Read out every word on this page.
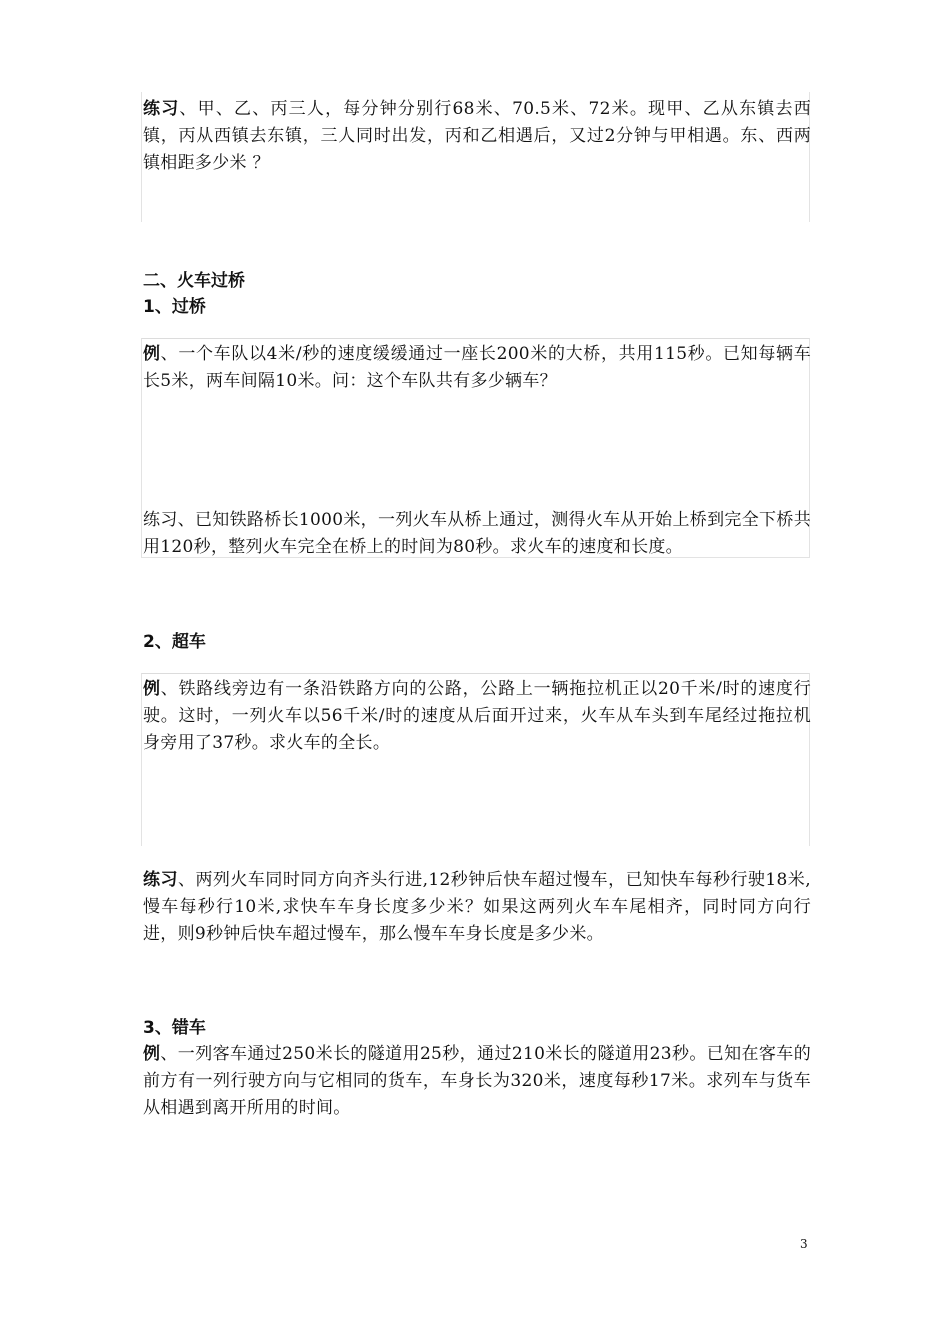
练习、甲、乙、丙三人，每分钟分别行68米、70.5米、72米。现甲、乙从东镇去西镇，丙从西镇去东镇，三人同时出发，丙和乙相遇后，又过2分钟与甲相遇。东、西两镇相距多少米 ？
二、火车过桥
1、过桥
例、一个车队以4米/秒的速度缓缓通过一座长200米的大桥，共用115秒。已知每辆车长5米，两车间隔10米。问：这个车队共有多少辆车？
练习、已知铁路桥长1000米，一列火车从桥上通过，测得火车从开始上桥到完全下桥共用120秒，整列火车完全在桥上的时间为80秒。求火车的速度和长度。
2、超车
例、铁路线旁边有一条沿铁路方向的公路，公路上一辆拖拉机正以20千米/时的速度行驶。这时，一列火车以56千米/时的速度从后面开过来，火车从车头到车尾经过拖拉机身旁用了37秒。求火车的全长。
练习、两列火车同时同方向齐头行进,12秒钟后快车超过慢车，已知快车每秒行驶18米,慢车每秒行10米,求快车车身长度多少米？如果这两列火车车尾相齐，同时同方向行进，则9秒钟后快车超过慢车，那么慢车车身长度是多少米。
3、错车
例、一列客车通过250米长的隧道用25秒，通过210米长的隧道用23秒。已知在客车的前方有一列行驶方向与它相同的货车，车身长为320米，速度每秒17米。求列车与货车从相遇到离开所用的时间。
3
